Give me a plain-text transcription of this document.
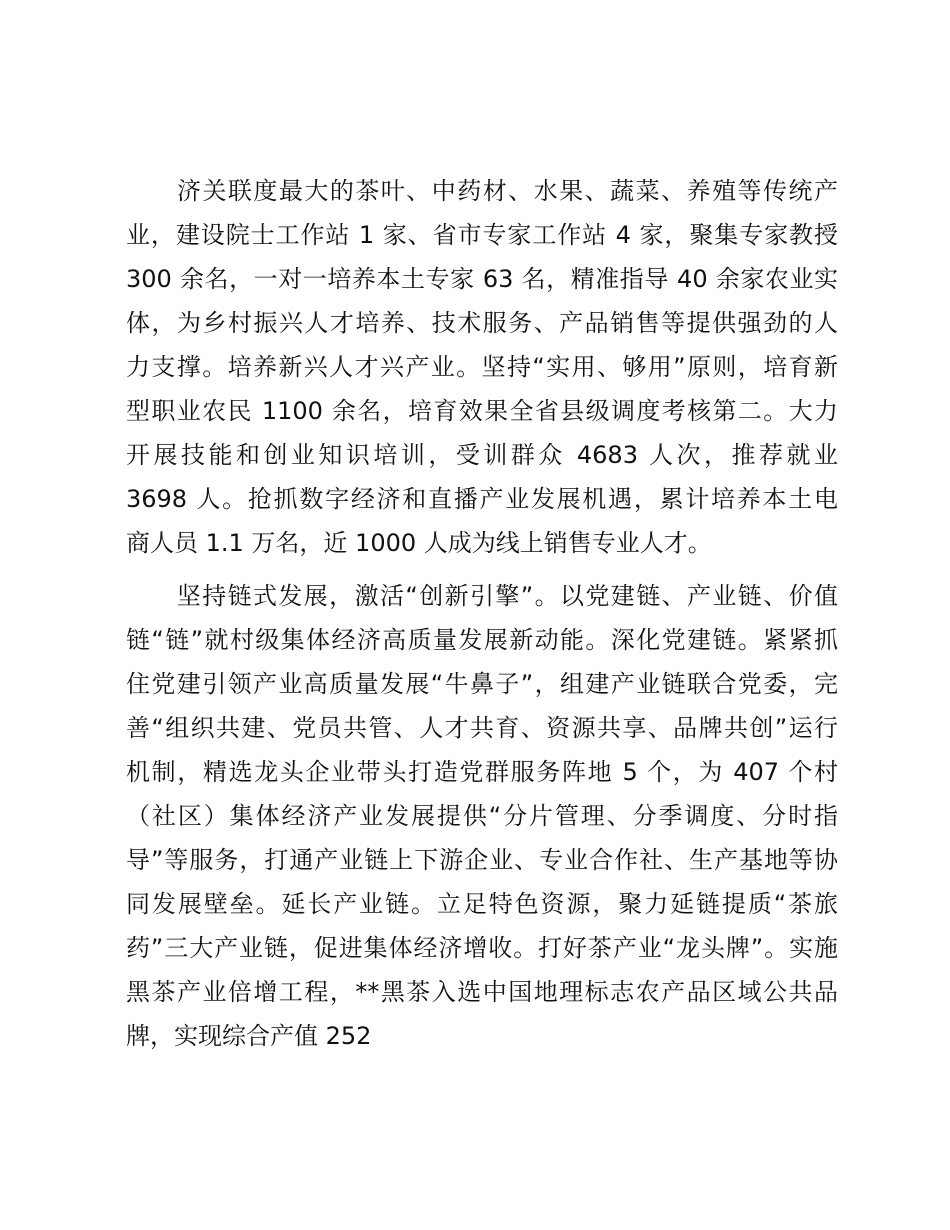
　　济关联度最大的茶叶、中药材、水果、蔬菜、养殖等传统产
业，建设院士工作站 1 家、省市专家工作站 4 家，聚集专家教授
300 余名，一对一培养本土专家 63 名，精准指导 40 余家农业实
体，为乡村振兴人才培养、技术服务、产品销售等提供强劲的人
力支撑。培养新兴人才兴产业。坚持“实用、够用”原则，培育新
型职业农民 1100 余名，培育效果全省县级调度考核第二。大力
开展技能和创业知识培训，受训群众 4683 人次，推荐就业
3698 人。抢抓数字经济和直播产业发展机遇，累计培养本土电
商人员 1.1 万名，近 1000 人成为线上销售专业人才。
　　坚持链式发展，激活“创新引擎”。以党建链、产业链、价值
链“链”就村级集体经济高质量发展新动能。深化党建链。紧紧抓
住党建引领产业高质量发展“牛鼻子”，组建产业链联合党委，完
善“组织共建、党员共管、人才共育、资源共享、品牌共创”运行
机制，精选龙头企业带头打造党群服务阵地 5 个，为 407 个村
（社区）集体经济产业发展提供“分片管理、分季调度、分时指
导”等服务，打通产业链上下游企业、专业合作社、生产基地等协
同发展壁垒。延长产业链。立足特色资源，聚力延链提质“茶旅
药”三大产业链，促进集体经济增收。打好茶产业“龙头牌”。实施
黑茶产业倍增工程，**黑茶入选中国地理标志农产品区域公共品
牌，实现综合产值 252
